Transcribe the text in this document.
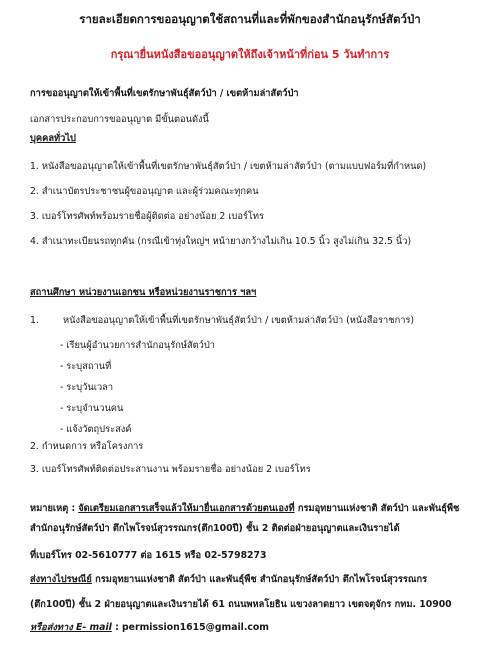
รายละเอียดการขออนุญาตใช้สถานที่และที่พักของสำนักอนุรักษ์สัตว์ป่า
กรุณายื่นหนังสือขออนุญาตให้ถึงเจ้าหน้าที่ก่อน 5 วันทำการ
การขออนุญาตให้เข้าพื้นที่เขตรักษาพันธุ์สัตว์ป่า / เขตห้ามล่าสัตว์ป่า
เอกสารประกอบการขออนุญาต มีขั้นตอนดังนี้
บุคคลทั่วไป
1. หนังสือขออนุญาตให้เข้าพื้นที่เขตรักษาพันธุ์สัตว์ป่า / เขตห้ามล่าสัตว์ป่า (ตามแบบฟอร์มที่กำหนด)
2. สำเนาบัตรประชาชนผู้ขออนุญาต และผู้ร่วมคณะทุกคน
3. เบอร์โทรศัพท์พร้อมรายชื่อผู้ติดต่อ อย่างน้อย 2 เบอร์โทร
4. สำเนาทะเบียนรถทุกคัน (กรณีเข้าทุ่งใหญ่ฯ หน้ายางกว้างไม่เกิน 10.5 นิ้ว สูงไม่เกิน 32.5 นิ้ว)
สถานศึกษา หน่วยงานเอกชน หรือหน่วยงานราชการ ฯลฯ
1.	หนังสือขออนุญาตให้เข้าพื้นที่เขตรักษาพันธุ์สัตว์ป่า / เขตห้ามล่าสัตว์ป่า (หนังสือราชการ)
- เรียนผู้อำนวยการสำนักอนุรักษ์สัตว์ป่า
- ระบุสถานที่
- ระบุวันเวลา
- ระบุจำนวนคน
- แจ้งวัตถุประสงค์
2. กำหนดการ หรือโครงการ
3. เบอร์โทรศัพท์ติดต่อประสานงาน พร้อมรายชื่อ อย่างน้อย 2 เบอร์โทร
หมายเหตุ : จัดเตรียมเอกสารเสร็จแล้วให้มายื่นเอกสารด้วยตนเองที่ กรมอุทยานแห่งชาติ สัตว์ป่า และพันธุ์พืช
สำนักอนุรักษ์สัตว์ป่า ตึกไพโรจน์สุวรรณกร(ตึก100ปี) ชั้น 2 ติดต่อฝ่ายอนุญาตและเงินรายได้
ที่เบอร์โทร 02-5610777 ต่อ 1615 หรือ 02-5798273
ส่งทางไปรษณีย์ กรมอุทยานแห่งชาติ สัตว์ป่า และพันธุ์พืช สำนักอนุรักษ์สัตว์ป่า ตึกไพโรจน์สุวรรณกร
(ตึก100ปี) ชั้น 2 ฝ่ายอนุญาตและเงินรายได้ 61 ถนนพหลโยธิน แขวงลาดยาว เขตจตุจักร กทม. 10900
หรือส่งทาง E- mail : permission1615@gmail.com
